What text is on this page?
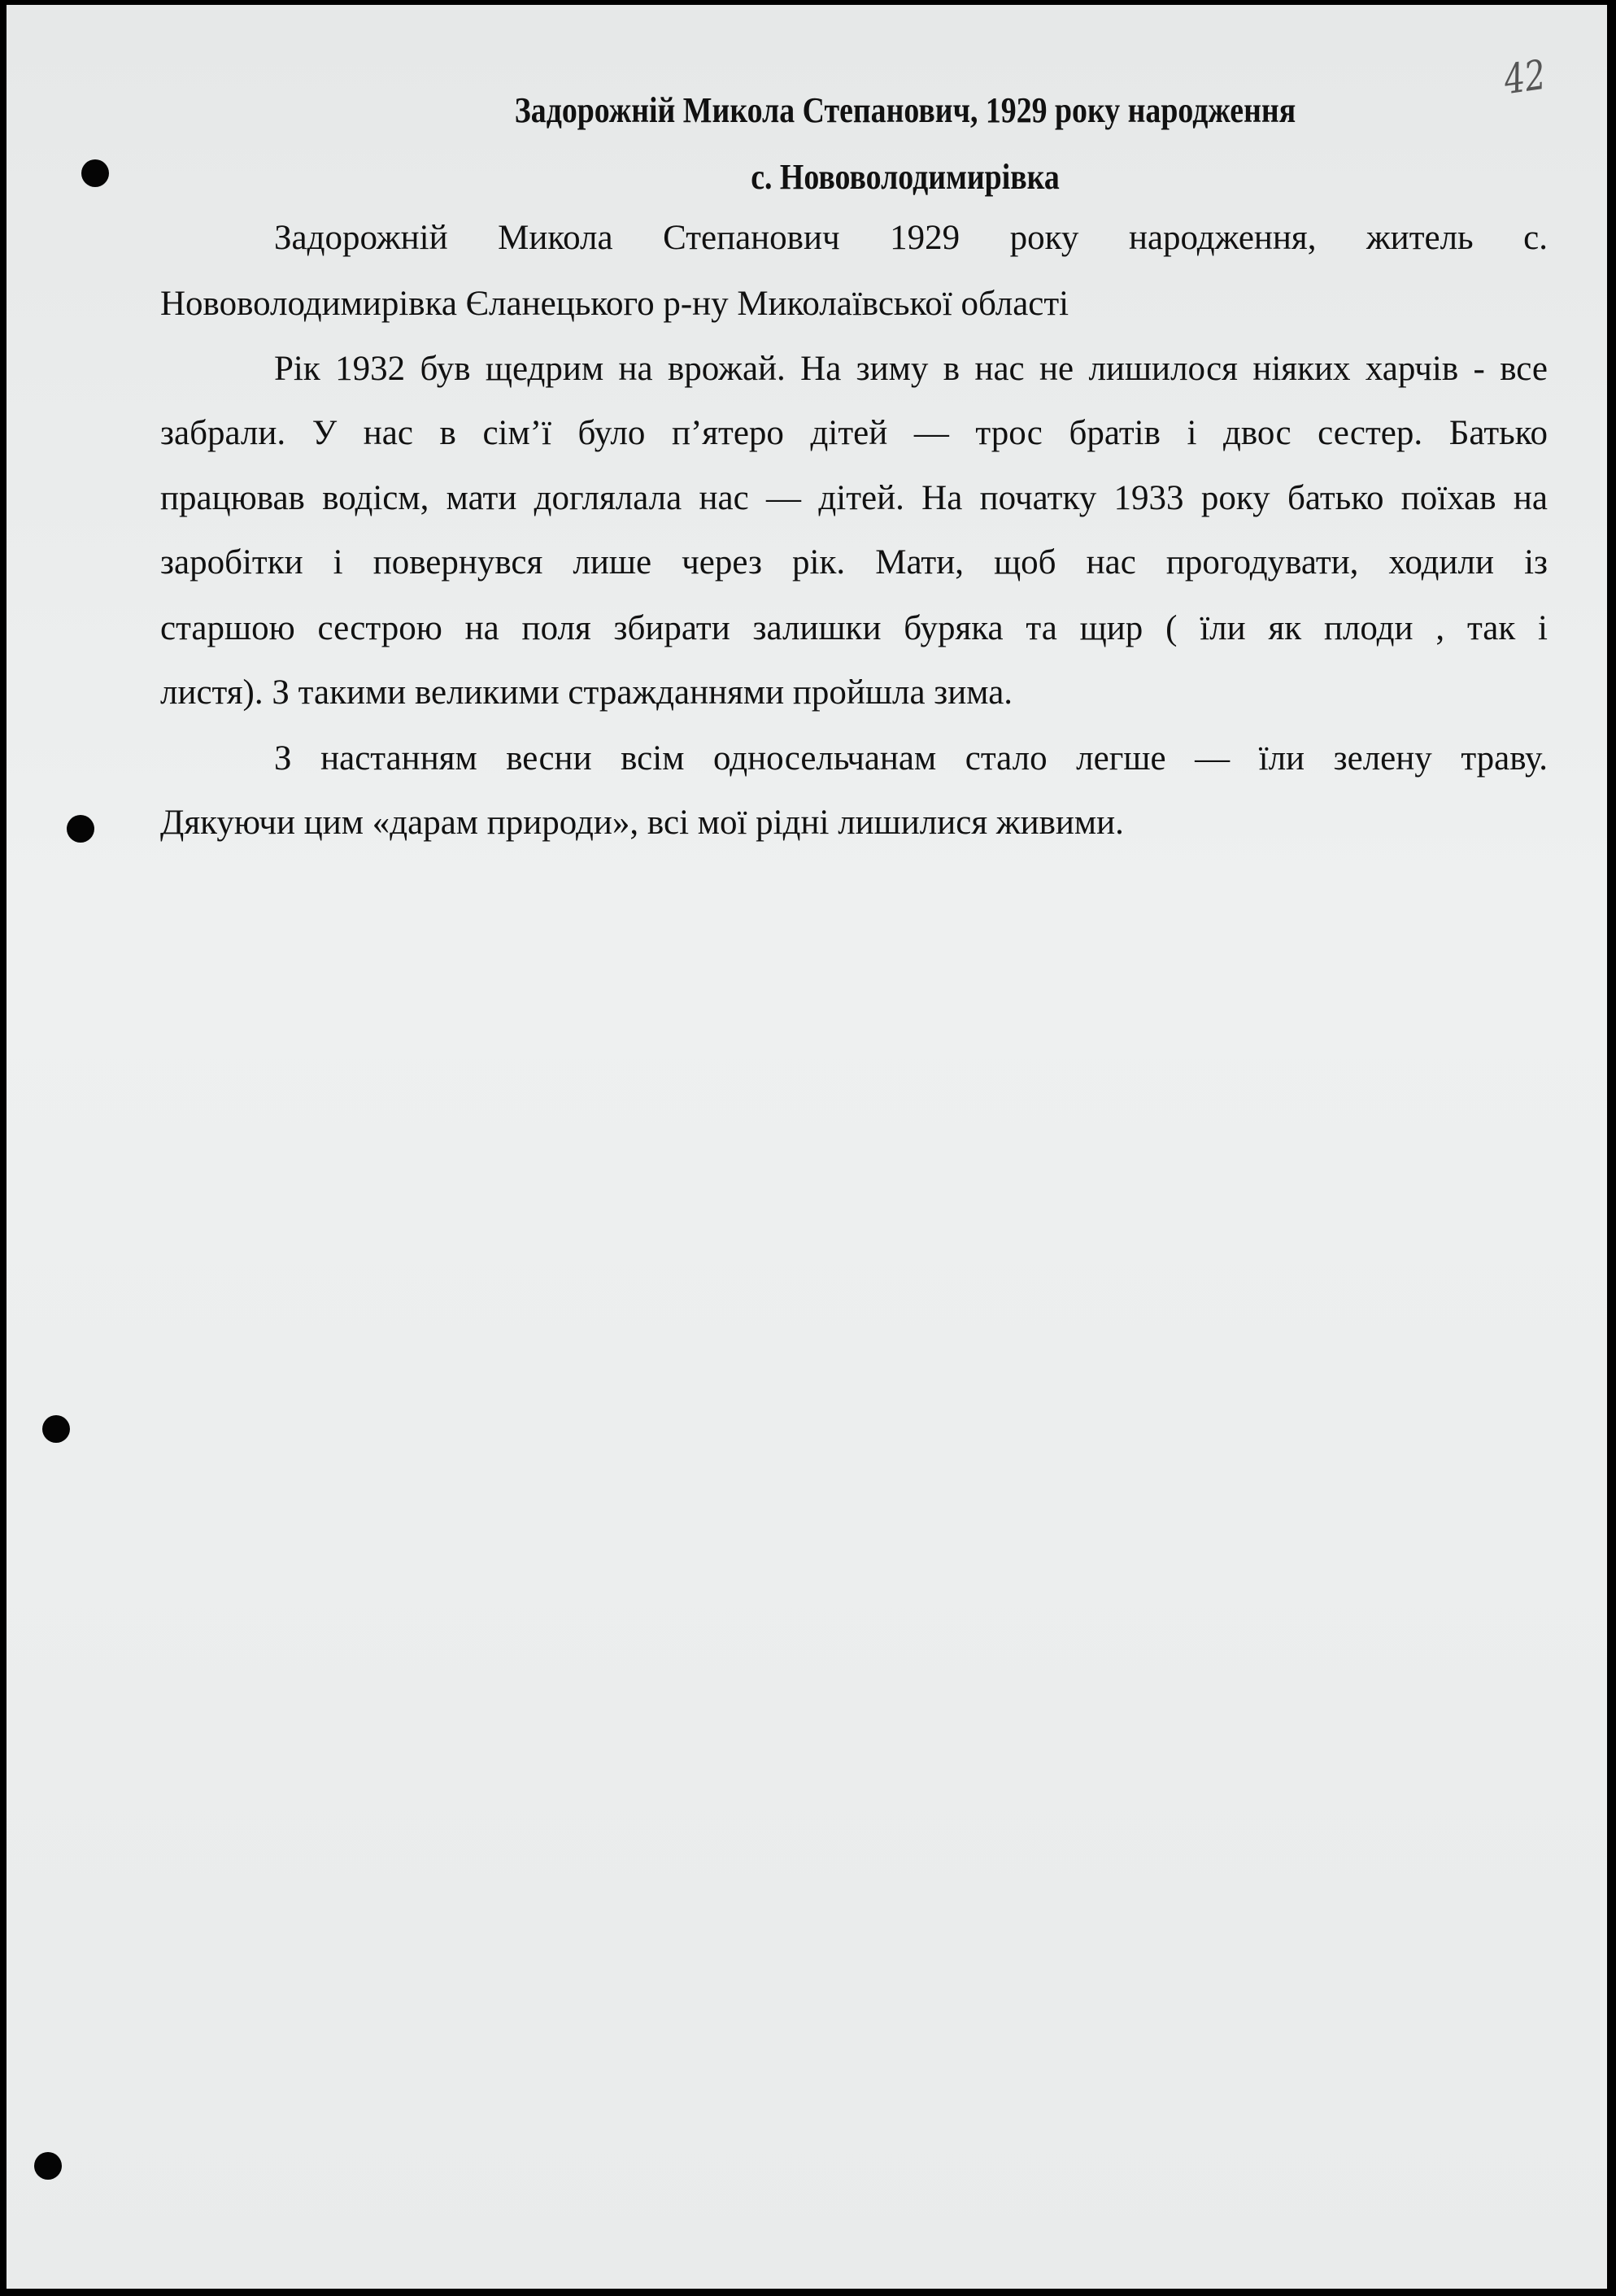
42
Задорожній Микола Степанович, 1929 року народження
с. Нововолодимирівка
Задорожній Микола Степанович 1929 року народження, житель с.
Нововолодимирівка Єланецького р-ну Миколаївської області
Рік 1932 був щедрим на врожай. На зиму в нас не лишилося ніяких харчів - все
забрали. У нас в сім’ї було п’ятеро дітей — трос братів і двос сестер. Батько
працював водісм, мати доглялала нас — дітей. На початку 1933 року батько поїхав на
заробітки і повернувся лише через рік. Мати, щоб нас прогодувати, ходили із
старшою сестрою на поля збирати залишки буряка та щир ( їли як плоди , так і
листя). З такими великими стражданнями пройшла зима.
З настанням весни всім односельчанам стало легше — їли зелену траву.
Дякуючи цим «дарам природи», всі мої рідні лишилися живими.
